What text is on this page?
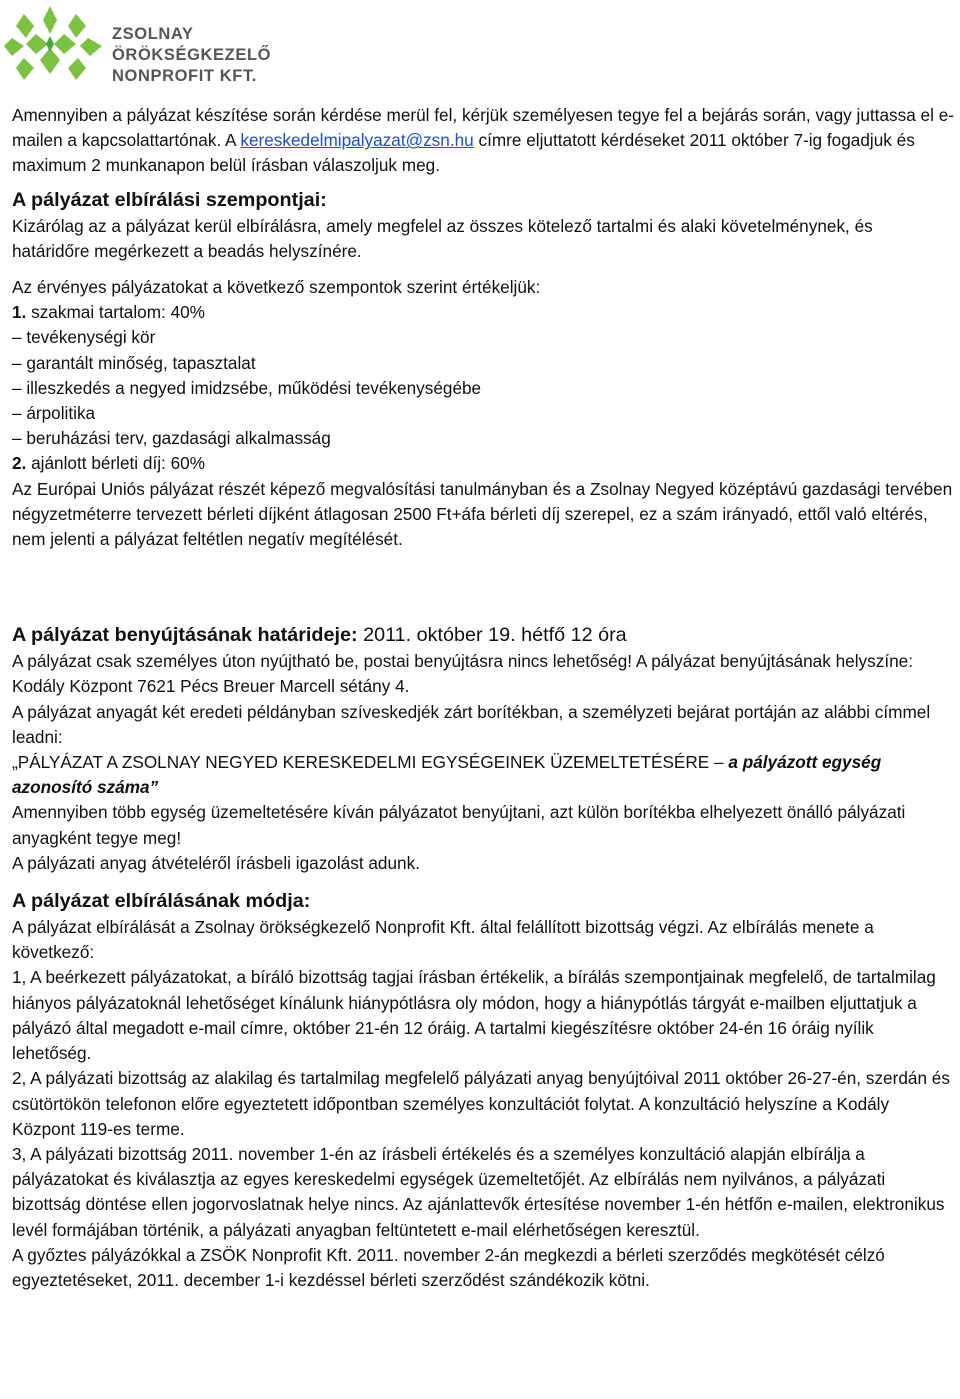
ZSOLNAY
ÖRÖKSÉGKEZELŐ
NONPROFIT KFT.

Amennyiben a pályázat készítése során kérdése merül fel, kérjük személyesen tegye fel a bejárás során, vagy juttassa el e-mailen a kapcsolattartónak. A kereskedelmipalyazat@zsn.hu címre eljuttatott kérdéseket 2011 október 7-ig fogadjuk és maximum 2 munkanapon belül írásban válaszoljuk meg.

A pályázat elbírálási szempontjai:

Kizárólag az a pályázat kerül elbírálásra, amely megfelel az összes kötelező tartalmi és alaki követelménynek, és határidőre megérkezett a beadás helyszínére.

Az érvényes pályázatokat a következő szempontok szerint értékeljük:

1. szakmai tartalom: 40%

– tevékenységi kör

– garantált minőség, tapasztalat

– illeszkedés a negyed imidzsébe, működési tevékenységébe

– árpolitika

– beruházási terv, gazdasági alkalmasság

2. ajánlott bérleti díj: 60%

Az Európai Uniós pályázat részét képező megvalósítási tanulmányban és a Zsolnay Negyed középtávú gazdasági tervében négyzetméterre tervezett bérleti díjként átlagosan 2500 Ft+áfa bérleti díj szerepel, ez a szám irányadó, ettől való eltérés, nem jelenti a pályázat feltétlen negatív megítélését.

A pályázat benyújtásának határideje: 2011. október 19. hétfő 12 óra

A pályázat csak személyes úton nyújtható be, postai benyújtásra nincs lehetőség! A pályázat benyújtásának helyszíne:

Kodály Központ 7621 Pécs Breuer Marcell sétány 4.

A pályázat anyagát két eredeti példányban szíveskedjék zárt borítékban, a személyzeti bejárat portáján az alábbi címmel leadni:

„PÁLYÁZAT A ZSOLNAY NEGYED KERESKEDELMI EGYSÉGEINEK ÜZEMELTETÉSÉRE – a pályázott egység azonosító száma”

Amennyiben több egység üzemeltetésére kíván pályázatot benyújtani, azt külön borítékba elhelyezett önálló pályázati anyagként tegye meg!

A pályázati anyag átvételéről írásbeli igazolást adunk.

A pályázat elbírálásának módja:

A pályázat elbírálását a Zsolnay örökségkezelő Nonprofit Kft. által felállított bizottság végzi. Az elbírálás menete a következő:

1, A beérkezett pályázatokat, a bíráló bizottság tagjai írásban értékelik, a bírálás szempontjainak megfelelő, de tartalmilag hiányos pályázatoknál lehetőséget kínálunk hiánypótlásra oly módon, hogy a hiánypótlás tárgyát e-mailben eljuttatjuk a pályázó által megadott e-mail címre, október 21-én 12 óráig. A tartalmi kiegészítésre október 24-én 16 óráig nyílik lehetőség.

2, A pályázati bizottság az alakilag és tartalmilag megfelelő pályázati anyag benyújtóival 2011 október 26-27-én, szerdán és csütörtökön telefonon előre egyeztetett időpontban személyes konzultációt folytat. A konzultáció helyszíne a Kodály Központ 119-es terme.

3, A pályázati bizottság 2011. november 1-én az írásbeli értékelés és a személyes konzultáció alapján elbírálja a pályázatokat és kiválasztja az egyes kereskedelmi egységek üzemeltetőjét. Az elbírálás nem nyilvános, a pályázati bizottság döntése ellen jogorvoslatnak helye nincs. Az ajánlattevők értesítése november 1-én hétfőn e-mailen, elektronikus levél formájában történik, a pályázati anyagban feltüntetett e-mail elérhetőségen keresztül.

A győztes pályázókkal a ZSÖK Nonprofit Kft. 2011. november 2-án megkezdi a bérleti szerződés megkötését célzó egyeztetéseket, 2011. december 1-i kezdéssel bérleti szerződést szándékozik kötni.
